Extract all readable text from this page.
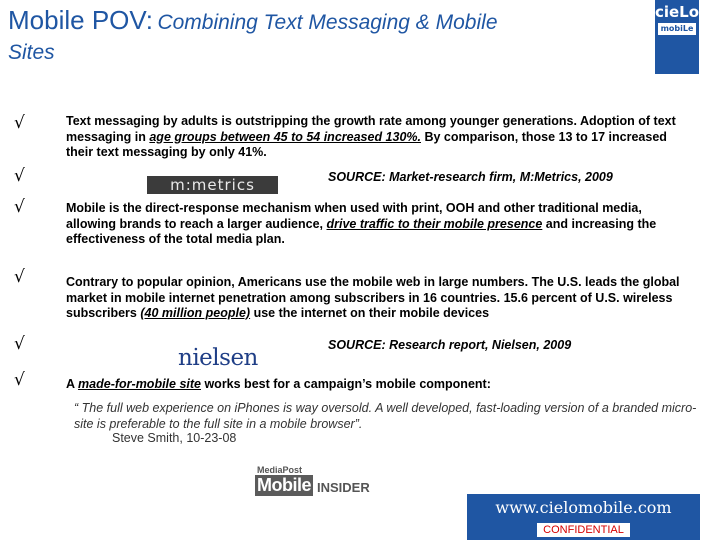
Mobile POV: Combining Text Messaging & Mobile
Sites
cieLo
mobiLe
√
√
√
√
√
√
Text messaging by adults is outstripping the growth rate among younger generations. Adoption of text messaging in age groups between 45 to 54 increased 130%. By comparison, those 13 to 17 increased their text messaging by only 41%.
m:metrics	SOURCE: Market-research firm, M:Metrics, 2009
Mobile is the direct-response mechanism when used with print, OOH and other traditional media, allowing brands to reach a larger audience, drive traffic to their mobile presence and increasing the effectiveness of the total media plan.
Contrary to popular opinion, Americans use the mobile web in large numbers. The U.S. leads the global market in mobile internet penetration among subscribers in 16 countries. 15.6 percent of U.S. wireless subscribers (40 million people) use the internet on their mobile devices
nielsen	SOURCE: Research report, Nielsen, 2009
A made-for-mobile site works best for a campaign’s mobile component:
“ The full web experience on iPhones is way oversold. A well developed, fast-loading version of a branded micro-site is preferable to the full site in a mobile browser”.
Steve Smith, 10-23-08
MediaPost
Mobile INSIDER
www.cielomobile.com
CONFIDENTIAL
